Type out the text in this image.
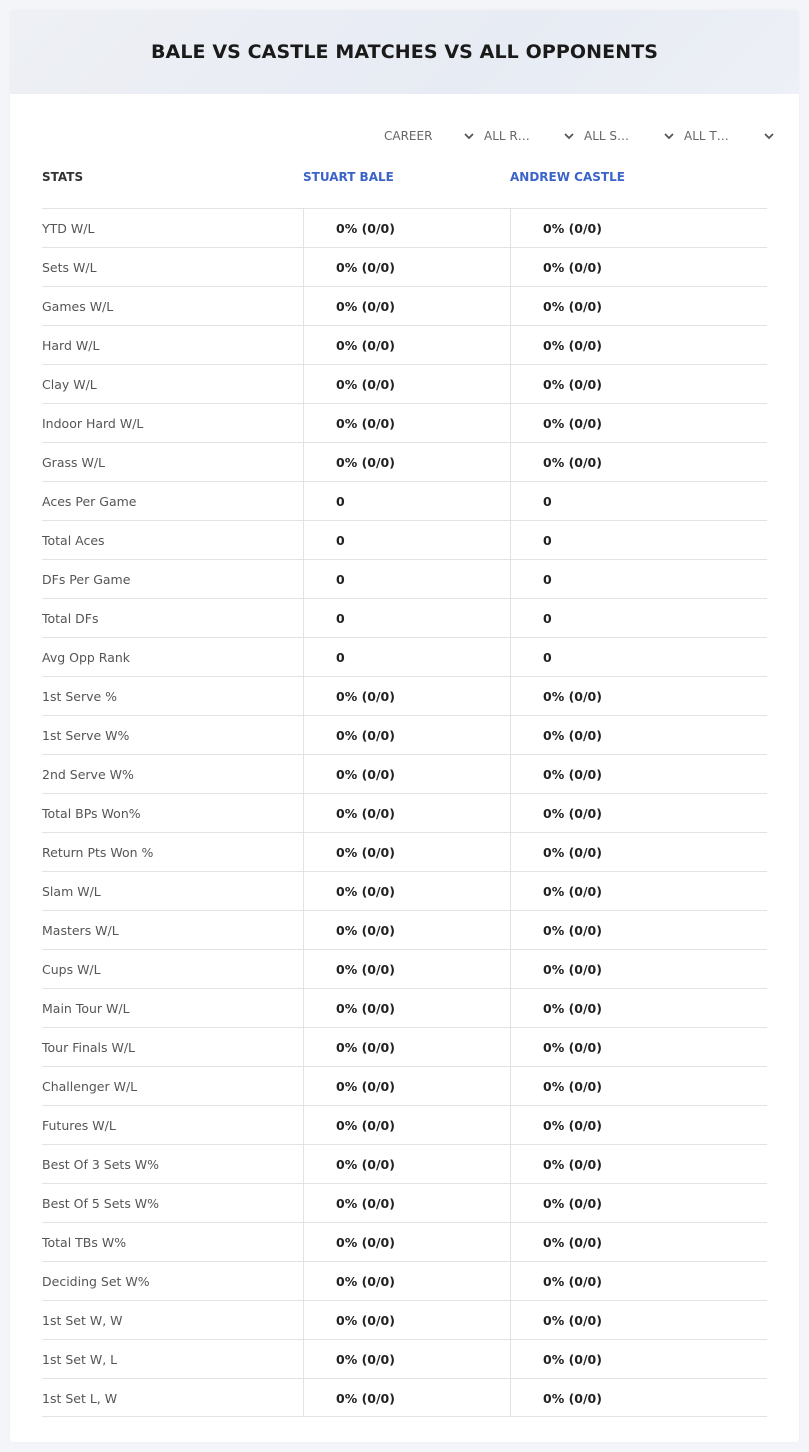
BALE VS CASTLE MATCHES VS ALL OPPONENTS
CAREER	ALL R…	ALL S…	ALL T…
STATS	STUART BALE	ANDREW CASTLE
YTD W/L	0% (0/0)	0% (0/0)
Sets W/L	0% (0/0)	0% (0/0)
Games W/L	0% (0/0)	0% (0/0)
Hard W/L	0% (0/0)	0% (0/0)
Clay W/L	0% (0/0)	0% (0/0)
Indoor Hard W/L	0% (0/0)	0% (0/0)
Grass W/L	0% (0/0)	0% (0/0)
Aces Per Game	0	0
Total Aces	0	0
DFs Per Game	0	0
Total DFs	0	0
Avg Opp Rank	0	0
1st Serve %	0% (0/0)	0% (0/0)
1st Serve W%	0% (0/0)	0% (0/0)
2nd Serve W%	0% (0/0)	0% (0/0)
Total BPs Won%	0% (0/0)	0% (0/0)
Return Pts Won %	0% (0/0)	0% (0/0)
Slam W/L	0% (0/0)	0% (0/0)
Masters W/L	0% (0/0)	0% (0/0)
Cups W/L	0% (0/0)	0% (0/0)
Main Tour W/L	0% (0/0)	0% (0/0)
Tour Finals W/L	0% (0/0)	0% (0/0)
Challenger W/L	0% (0/0)	0% (0/0)
Futures W/L	0% (0/0)	0% (0/0)
Best Of 3 Sets W%	0% (0/0)	0% (0/0)
Best Of 5 Sets W%	0% (0/0)	0% (0/0)
Total TBs W%	0% (0/0)	0% (0/0)
Deciding Set W%	0% (0/0)	0% (0/0)
1st Set W, W	0% (0/0)	0% (0/0)
1st Set W, L	0% (0/0)	0% (0/0)
1st Set L, W	0% (0/0)	0% (0/0)
